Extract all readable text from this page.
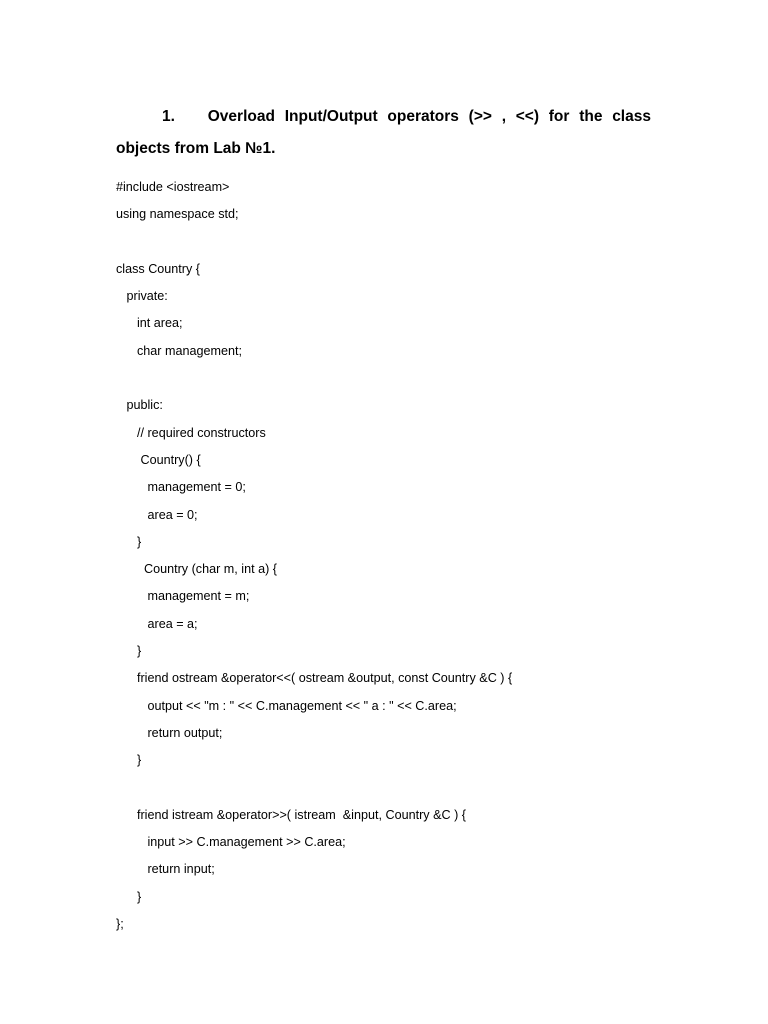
1.	Overload Input/Output operators (>> , <<) for the class
objects from Lab №1.
#include <iostream>
using namespace std;
class Country {
private:
int area;
char management;
public:
// required constructors
Country() {
management = 0;
area = 0;
}
Country (char m, int a) {
management = m;
area = a;
}
friend ostream &operator<<( ostream &output, const Country &C ) {
output << "m : " << C.management << " a : " << C.area;
return output;
}
friend istream &operator>>( istream  &input, Country &C ) {
input >> C.management >> C.area;
return input;
}
};
